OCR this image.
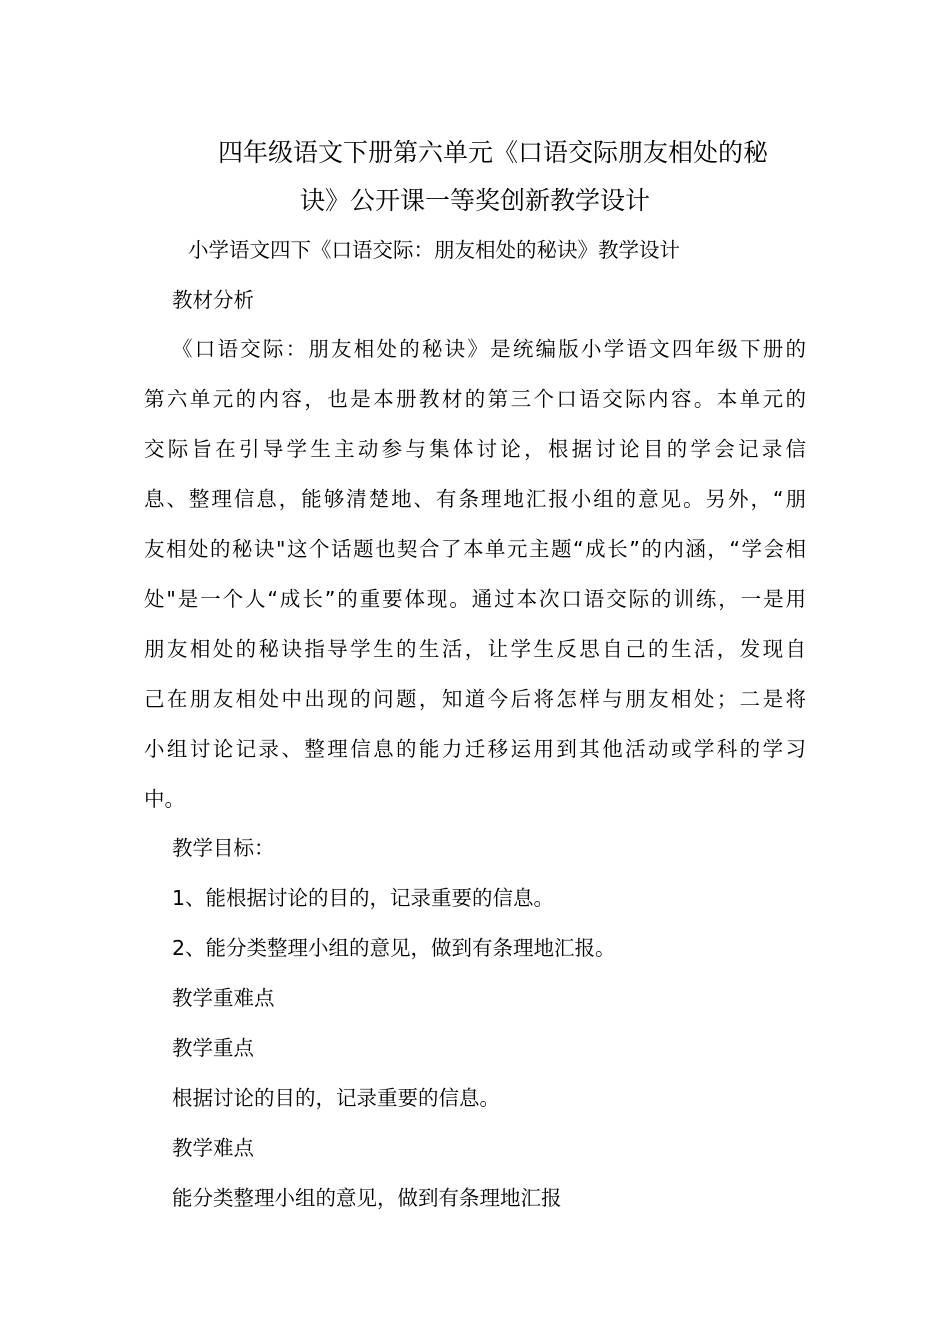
四年级语文下册第六单元《口语交际朋友相处的秘
诀》公开课一等奖创新教学设计
小学语文四下《口语交际：朋友相处的秘诀》教学设计
教材分析
《口语交际：朋友相处的秘诀》是统编版小学语文四年级下册的
第六单元的内容，也是本册教材的第三个口语交际内容。本单元的
交际旨在引导学生主动参与集体讨论，根据讨论目的学会记录信
息、整理信息，能够清楚地、有条理地汇报小组的意见。另外，“朋
友相处的秘诀"这个话题也契合了本单元主题“成长”的内涵，“学会相
处"是一个人“成长”的重要体现。通过本次口语交际的训练，一是用
朋友相处的秘诀指导学生的生活，让学生反思自己的生活，发现自
己在朋友相处中出现的问题，知道今后将怎样与朋友相处；二是将
小组讨论记录、整理信息的能力迁移运用到其他活动或学科的学习
中。
教学目标：
1、能根据讨论的目的，记录重要的信息。
2、能分类整理小组的意见，做到有条理地汇报。
教学重难点
教学重点
根据讨论的目的，记录重要的信息。
教学难点
能分类整理小组的意见，做到有条理地汇报
